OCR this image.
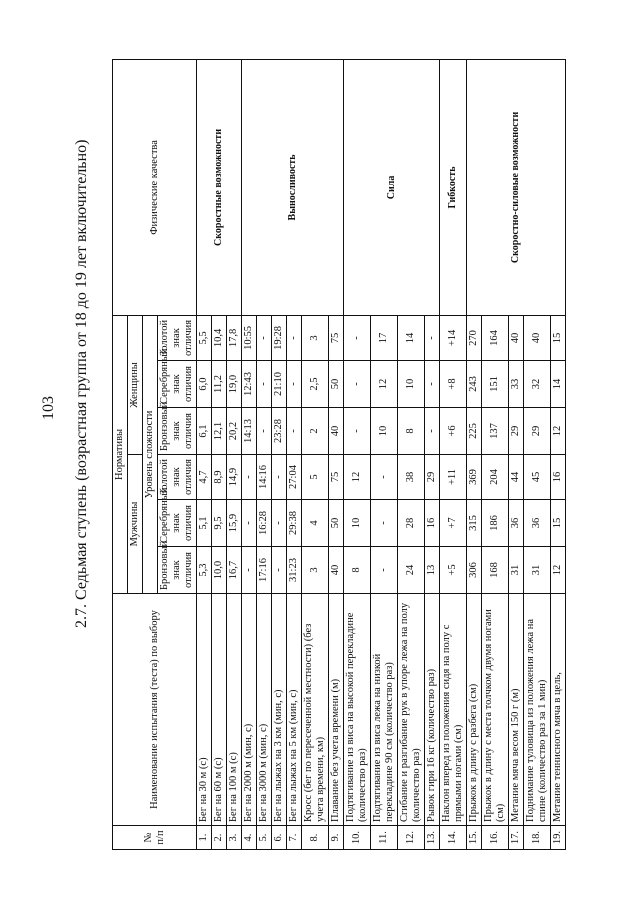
103 2.7. Седьмая ступень (возрастная группа от 18 до 19 лет включительно)
№ п/п	Наименование испытания (теста) по выбору	Нормативы						Физические качества
		Мужчины			Женщины			
		Уровень сложности						
		Бронзовый знак отличия	Серебряный знак отличия	Золотой знак отличия	Бронзовый знак отличия	Серебряный знак отличия	Золотой знак отличия	
1.	Бег на 30 м (с)	5,3	5,1	4,7	6,1	6,0	5,5	Скоростные возможности
2.	Бег на 60 м (с)	10,0	9,5	8,9	12,1	11,2	10,4	
3.	Бег на 100 м (с)	16,7	15,9	14,9	20,2	19,0	17,8	
4.	Бег на 2000 м (мин, с)	-	-	-	14:13	12:43	10:55	Выносливость
5.	Бег на 3000 м (мин, с)	17:16	16:28	14:16	-	-	-	
6.	Бег на лыжах на 3 км (мин, с)	-	-	-	23:28	21:10	19:28	
7.	Бег на лыжах на 5 км (мин, с)	31:23	29:38	27:04	-	-	-	
8.	Кросс (бег по пересеченной местности) (без учета времени, км)	3	4	5	2	2,5	3	
9.	Плавание без учета времени (м)	40	50	75	40	50	75	
10.	Подтягивание из виса на высокой перекладине (количество раз)	8	10	12	-	-	-	Сила
11.	Подтягивание из виса лежа на низкой перекладине 90 см (количество раз)	-	-	-	10	12	17	
12.	Сгибание и разгибание рук в упоре лежа на полу (количество раз)	24	28	38	8	10	14	
13.	Рывок гири 16 кг (количество раз)	13	16	29	-	-	-	
14.	Наклон вперед из положения сидя на полу с прямыми ногами (см)	+5	+7	+11	+6	+8	+14	Гибкость
15.	Прыжок в длину с разбега (см)	306	315	369	225	243	270	Скоростно-силовые возможности
16.	Прыжок в длину с места толчком двумя ногами (см)	168	186	204	137	151	164	
17.	Метание мяча весом 150 г (м)	31	36	44	29	33	40	
18.	Поднимание туловища из положения лежа на спине (количество раз за 1 мин)	31	36	45	29	32	40	
19.	Метание теннисного мяча в цель,	12	15	16	12	14	15	
